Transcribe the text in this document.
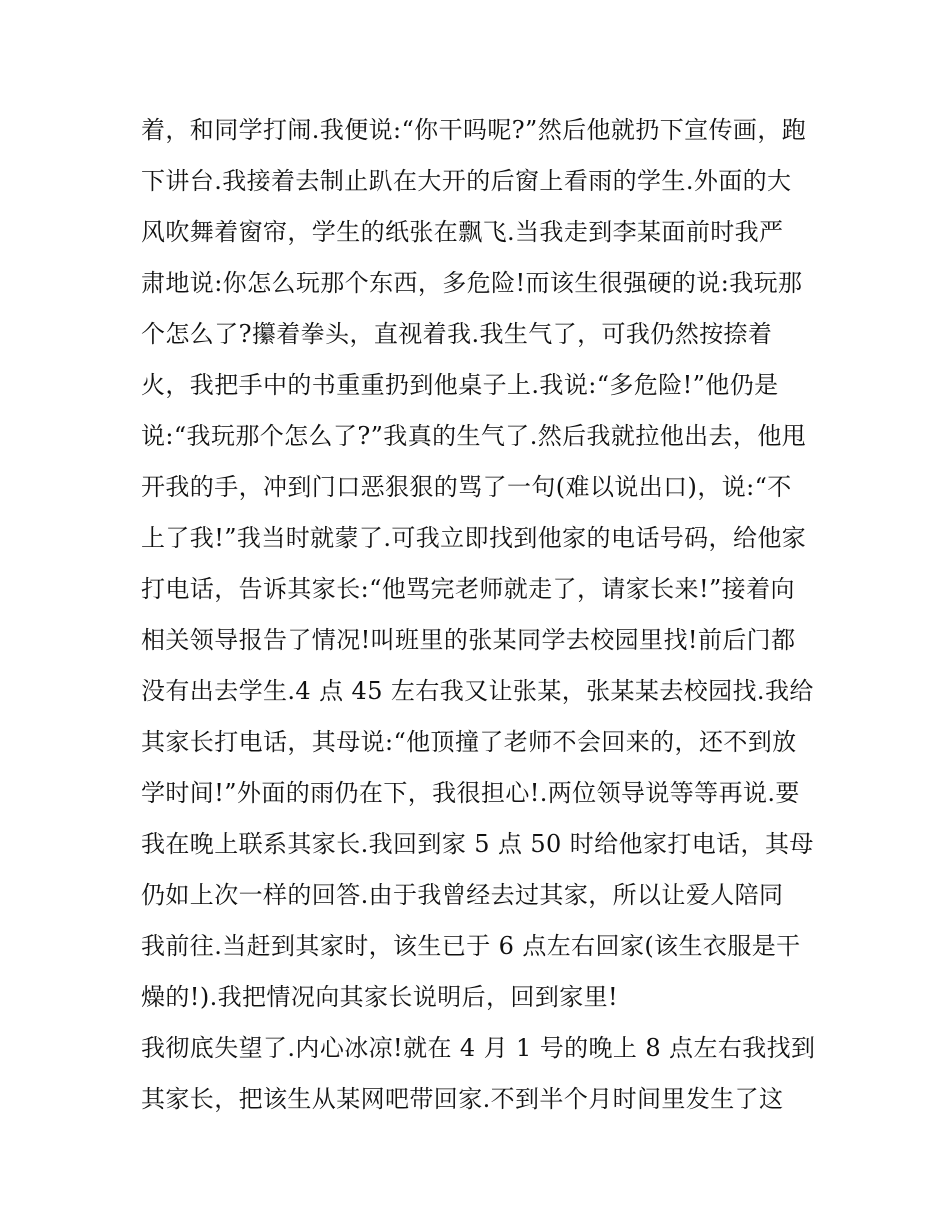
着，和同学打闹.我便说:“你干吗呢?”然后他就扔下宣传画，跑
下讲台.我接着去制止趴在大开的后窗上看雨的学生.外面的大
风吹舞着窗帘，学生的纸张在飘飞.当我走到李某面前时我严
肃地说:你怎么玩那个东西，多危险!而该生很强硬的说:我玩那
个怎么了?攥着拳头，直视着我.我生气了，可我仍然按捺着
火，我把手中的书重重扔到他桌子上.我说:“多危险!”他仍是
说:“我玩那个怎么了?”我真的生气了.然后我就拉他出去，他甩
开我的手，冲到门口恶狠狠的骂了一句(难以说出口)，说:“不
上了我!”我当时就蒙了.可我立即找到他家的电话号码，给他家
打电话，告诉其家长:“他骂完老师就走了，请家长来!”接着向
相关领导报告了情况!叫班里的张某同学去校园里找!前后门都
没有出去学生.4 点 45 左右我又让张某，张某某去校园找.我给
其家长打电话，其母说:“他顶撞了老师不会回来的，还不到放
学时间!”外面的雨仍在下，我很担心!.两位领导说等等再说.要
我在晚上联系其家长.我回到家 5 点 50 时给他家打电话，其母
仍如上次一样的回答.由于我曾经去过其家，所以让爱人陪同
我前往.当赶到其家时，该生已于 6 点左右回家(该生衣服是干
燥的!).我把情况向其家长说明后，回到家里!
我彻底失望了.内心冰凉!就在 4 月 1 号的晚上 8 点左右我找到
其家长，把该生从某网吧带回家.不到半个月时间里发生了这
